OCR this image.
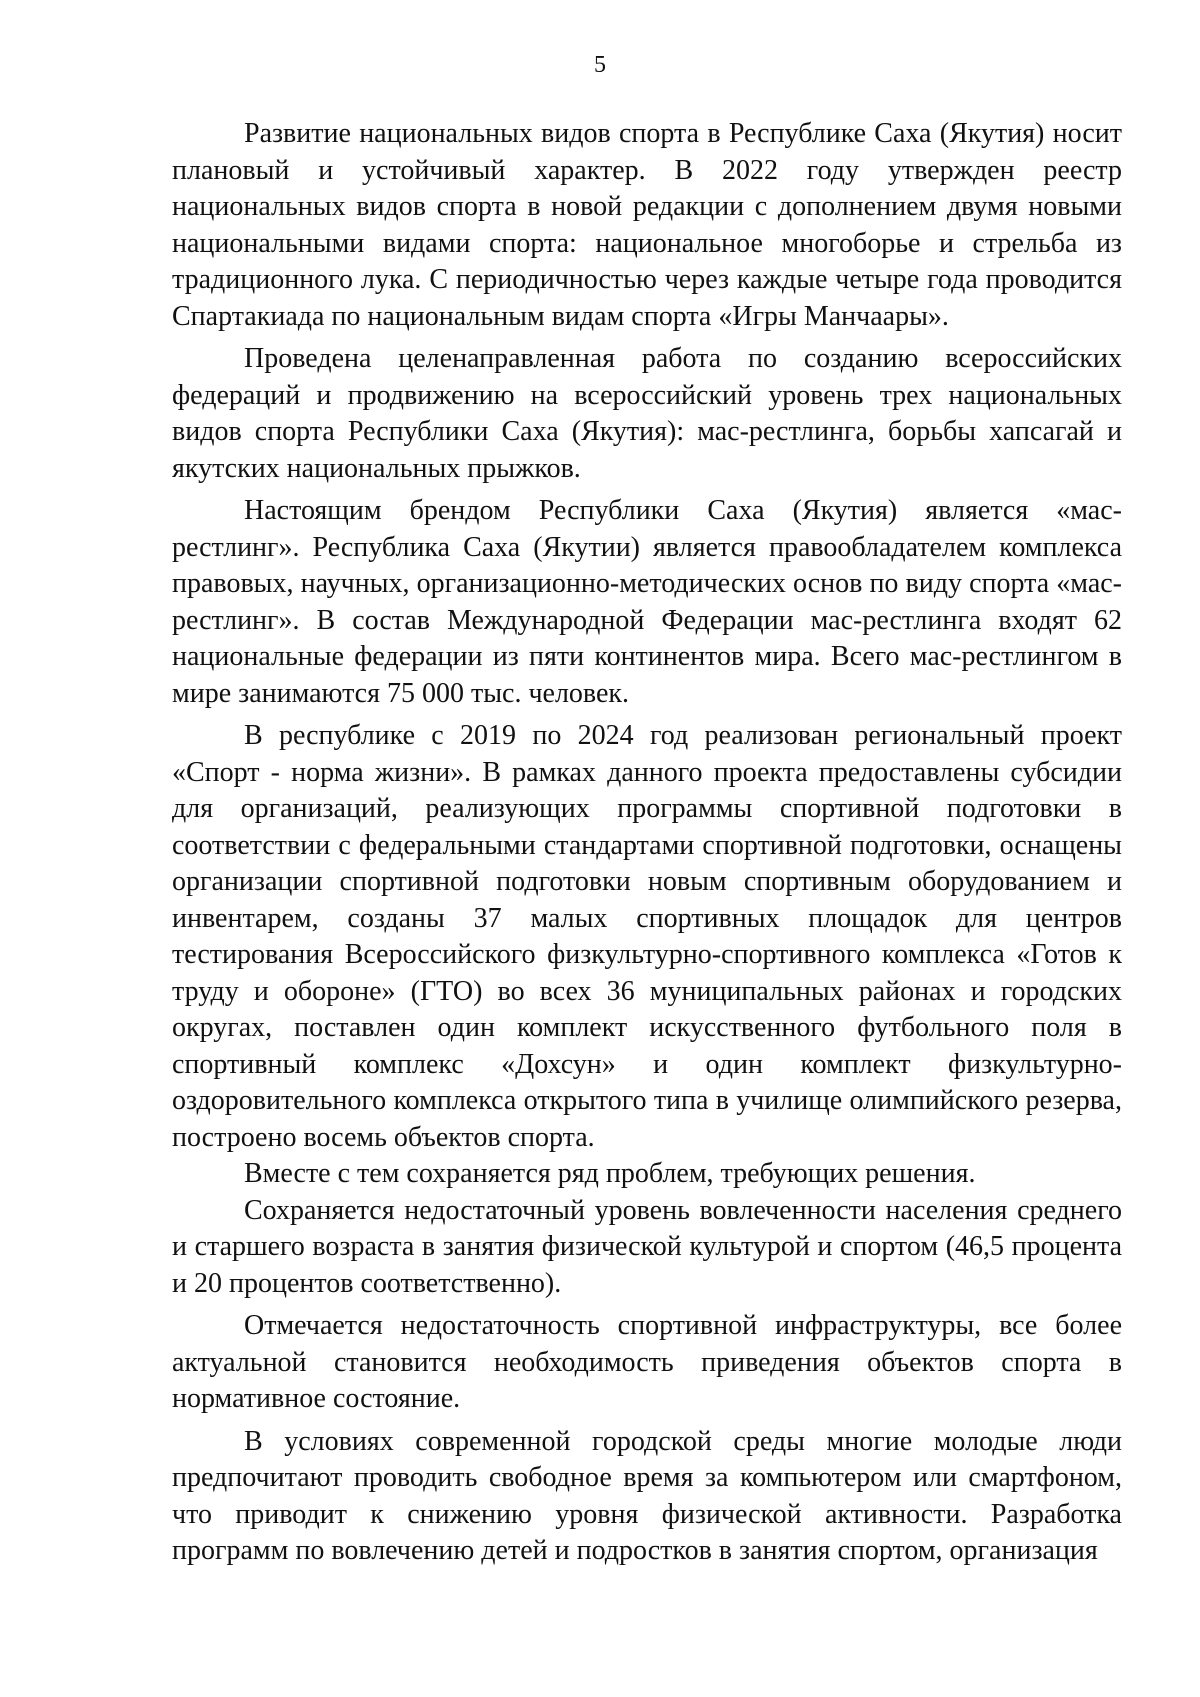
5

Развитие национальных видов спорта в Республике Саха (Якутия) носит плановый и устойчивый характер. В 2022 году утвержден реестр национальных видов спорта в новой редакции с дополнением двумя новыми национальными видами спорта: национальное многоборье и стрельба из традиционного лука. С периодичностью через каждые четыре года проводится Спартакиада по национальным видам спорта «Игры Манчаары».

Проведена целенаправленная работа по созданию всероссийских федераций и продвижению на всероссийский уровень трех национальных видов спорта Республики Саха (Якутия): мас-рестлинга, борьбы хапсагай и якутских национальных прыжков.

Настоящим брендом Республики Саха (Якутия) является «мас-рестлинг». Республика Саха (Якутии) является правообладателем комплекса правовых, научных, организационно-методических основ по виду спорта «мас-рестлинг». В состав Международной Федерации мас-рестлинга входят 62 национальные федерации из пяти континентов мира. Всего мас-рестлингом в мире занимаются 75 000 тыс. человек.

В республике с 2019 по 2024 год реализован региональный проект «Спорт - норма жизни». В рамках данного проекта предоставлены субсидии для организаций, реализующих программы спортивной подготовки в соответствии с федеральными стандартами спортивной подготовки, оснащены организации спортивной подготовки новым спортивным оборудованием и инвентарем, созданы 37 малых спортивных площадок для центров тестирования Всероссийского физкультурно-спортивного комплекса «Готов к труду и обороне» (ГТО) во всех 36 муниципальных районах и городских округах, поставлен один комплект искусственного футбольного поля в спортивный комплекс «Дохсун» и один комплект физкультурно-оздоровительного комплекса открытого типа в училище олимпийского резерва, построено восемь объектов спорта.

Вместе с тем сохраняется ряд проблем, требующих решения.

Сохраняется недостаточный уровень вовлеченности населения среднего и старшего возраста в занятия физической культурой и спортом (46,5 процента и 20 процентов соответственно).

Отмечается недостаточность спортивной инфраструктуры, все более актуальной становится необходимость приведения объектов спорта в нормативное состояние.

В условиях современной городской среды многие молодые люди предпочитают проводить свободное время за компьютером или смартфоном, что приводит к снижению уровня физической активности. Разработка программ по вовлечению детей и подростков в занятия спортом, организация
